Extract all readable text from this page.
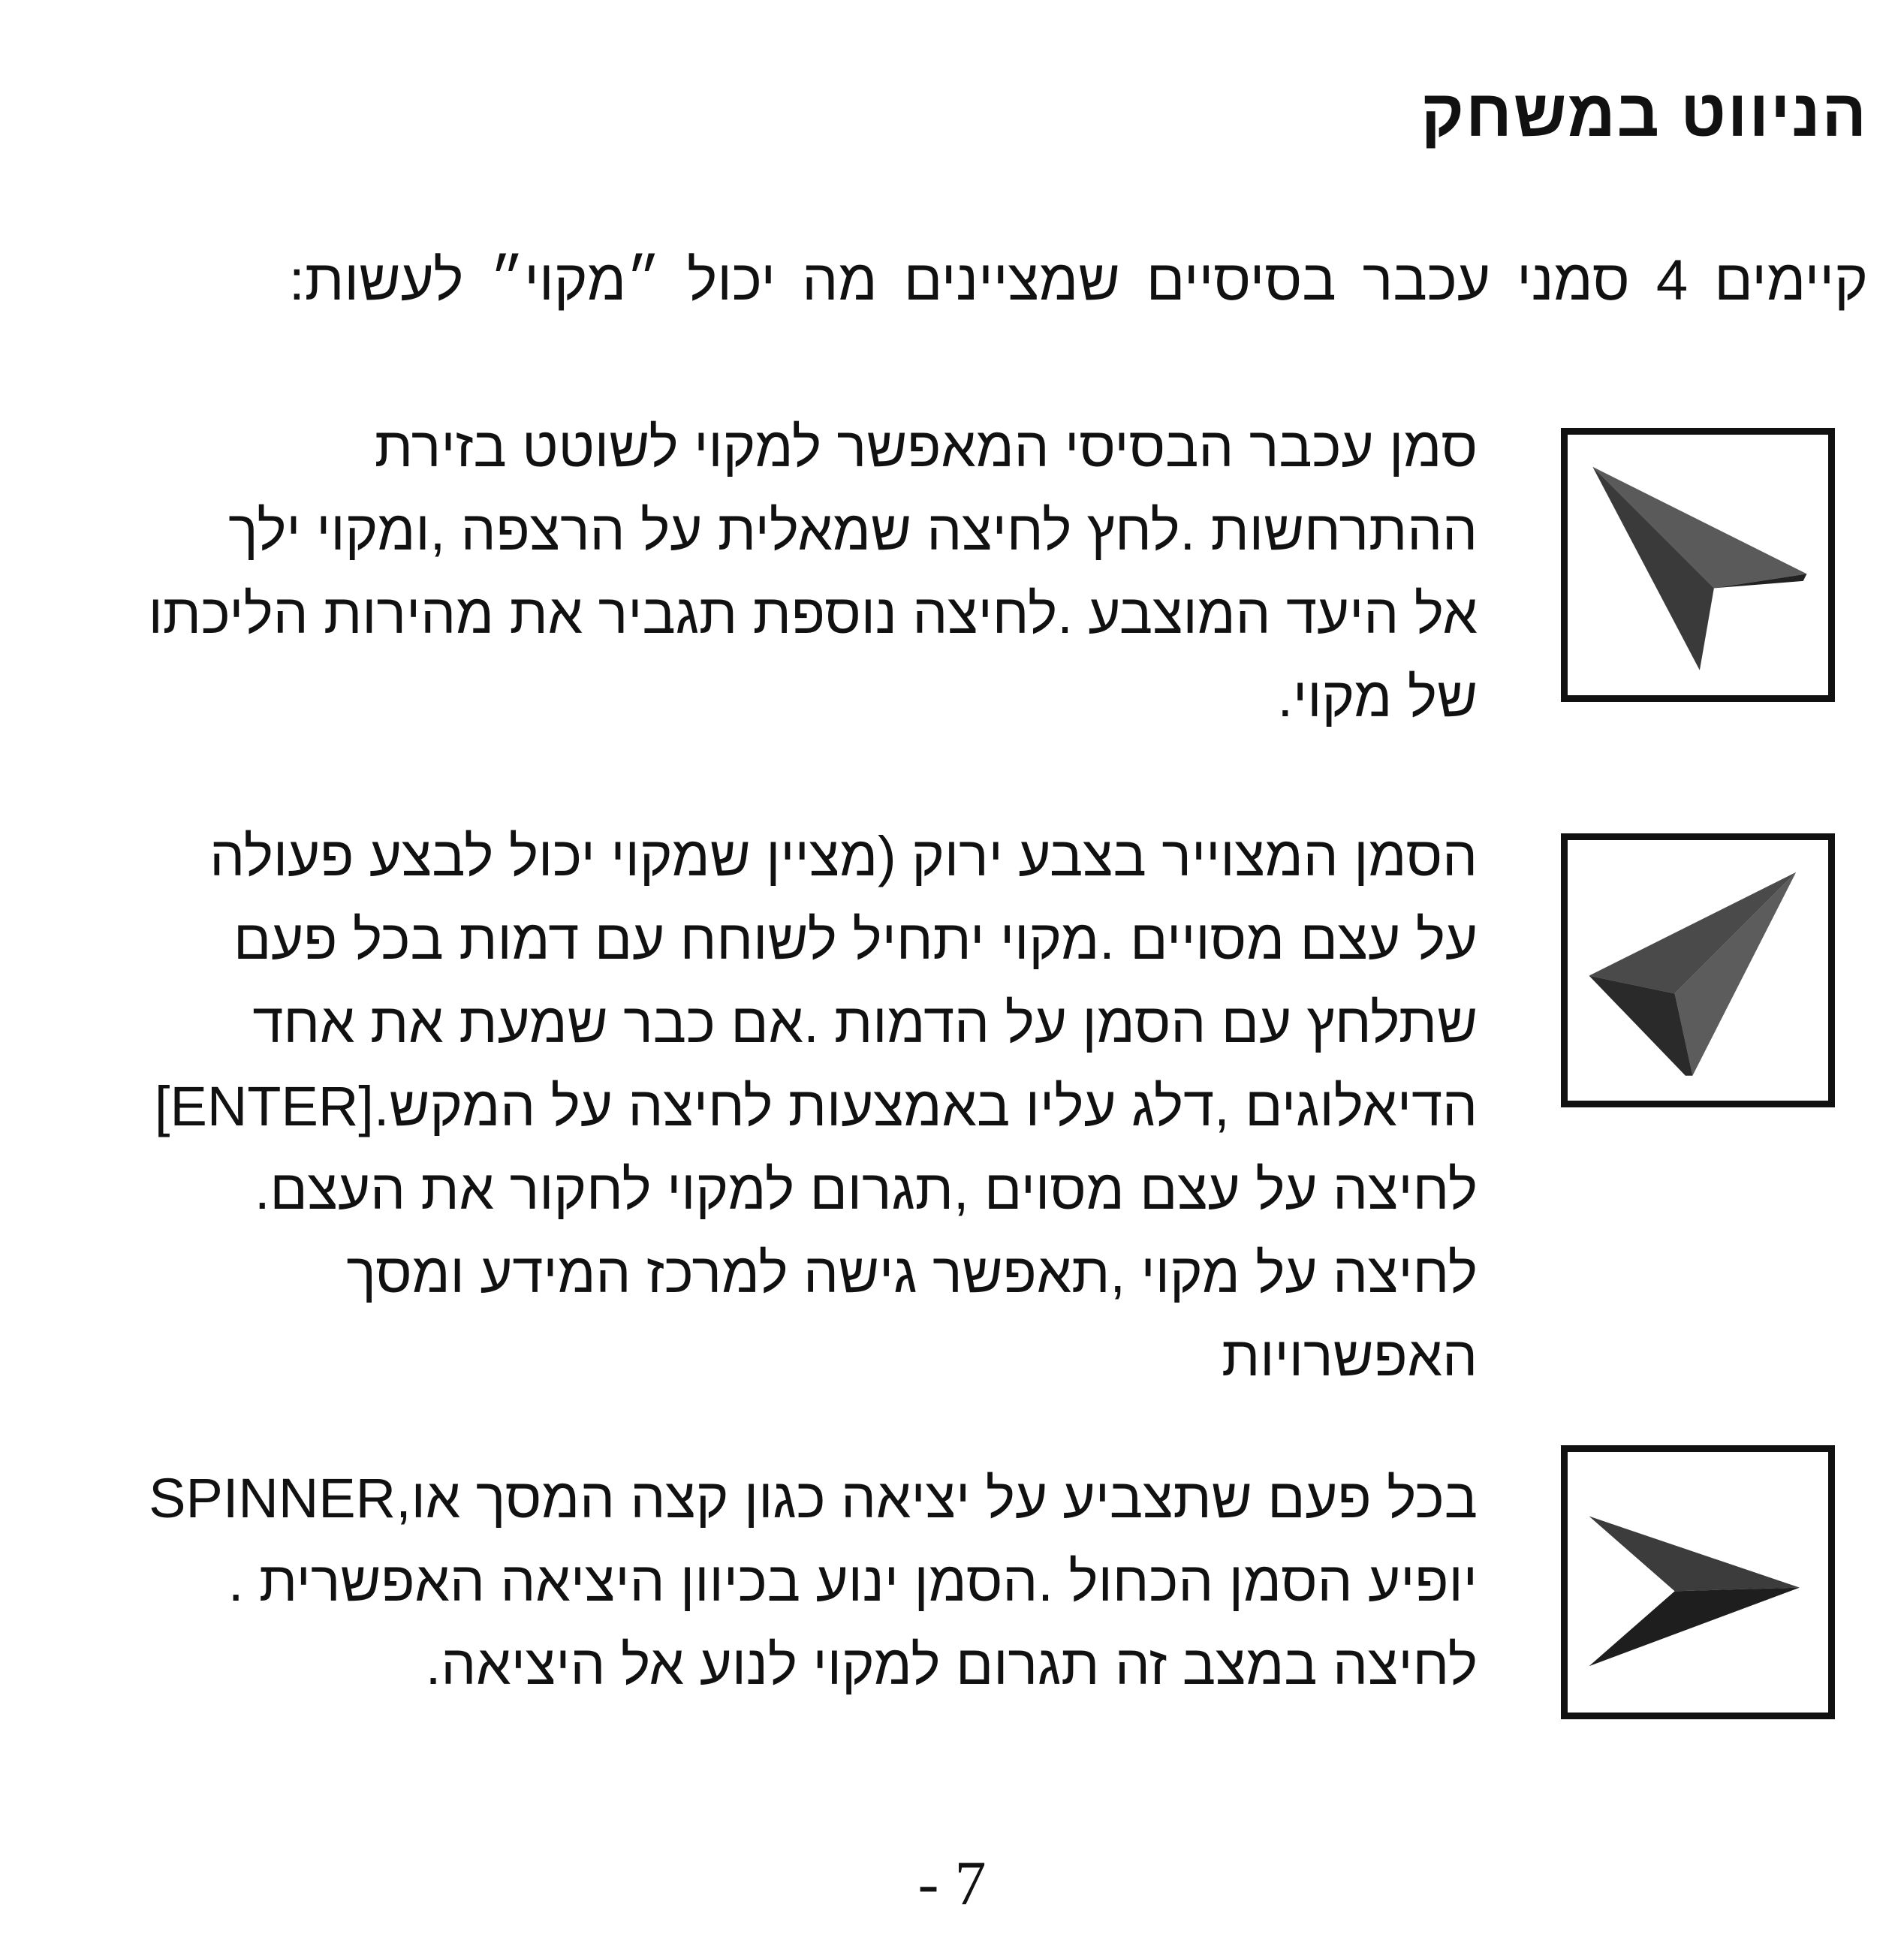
הניווט במשחק
קיימים 4 סמני עכבר בסיסיים שמציינים מה יכול ״מקוי״ לעשות:
סמן עכבר הבסיסי המאפשר למקוי לשוטט בזירת
ההתרחשות .לחץ לחיצה שמאלית על הרצפה ,ומקוי ילך
אל היעד המוצבע .לחיצה נוספת תגביר את מהירות הליכתו
של מקוי.
הסמן המצוייר בצבע ירוק (מציין שמקוי יכול לבצע פעולה
על עצם מסויים .מקוי יתחיל לשוחח עם דמות בכל פעם
שתלחץ עם הסמן על הדמות .אם כבר שמעת את אחד
הדיאלוגים ,דלג עליו באמצעות לחיצה על המקש.[ENTER]
לחיצה על עצם מסוים ,תגרום למקוי לחקור את העצם.
לחיצה על מקוי ,תאפשר גישה למרכז המידע ומסך
האפשרויות
בכל פעם שתצביע על יציאה כגון קצה המסך או,SPINNER
יופיע הסמן הכחול .הסמן ינוע בכיוון היציאה האפשרית .
לחיצה במצב זה תגרום למקוי לנוע אל היציאה.
- 7
